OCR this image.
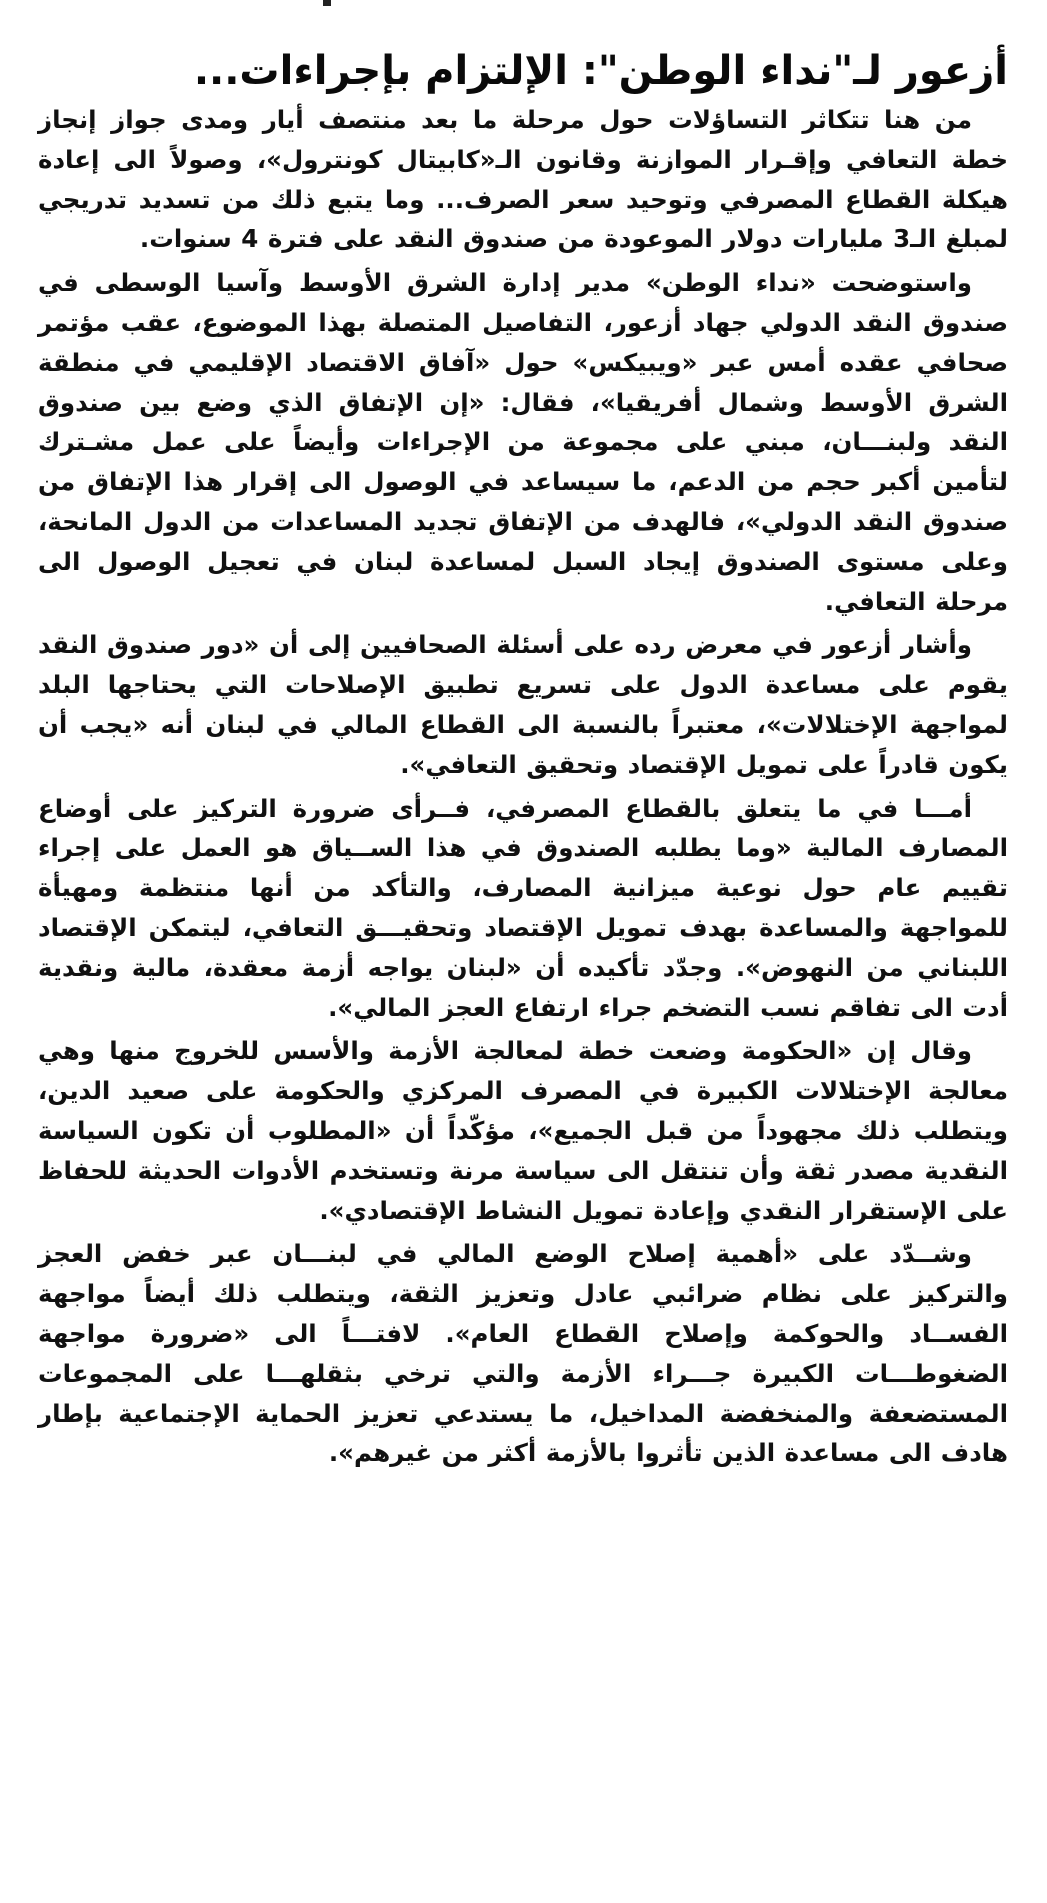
أزعور لـ"نداء الوطن": الإلتزام بإجراءات...

من هنا تتكاثر التساؤلات حول مرحلة ما بعد منتصف أيار ومدى جواز إنجاز خطة التعافي وإقـرار الموازنة وقانون الـ«كابيتال كونترول»، وصولاً الى إعادة هيكلة القطاع المصرفي وتوحيد سعر الصرف... وما يتبع ذلك من تسديد تدريجي لمبلغ الـ3 مليارات دولار الموعودة من صندوق النقد على فترة 4 سنوات.

واستوضحت «نداء الوطن» مدير إدارة الشرق الأوسط وآسيا الوسطى في صندوق النقد الدولي جهاد أزعور، التفاصيل المتصلة بهذا الموضوع، عقب مؤتمر صحافي عقده أمس عبر «ويبيكس» حول «آفاق الاقتصاد الإقليمي في منطقة الشرق الأوسط وشمال أفريقيا»، فقال: «إن الإتفاق الذي وضع بين صندوق النقد ولبنـــان، مبني على مجموعة من الإجراءات وأيضاً على عمل مشـترك لتأمين أكبر حجم من الدعم، ما سيساعد في الوصول الى إقرار هذا الإتفاق من صندوق النقد الدولي»، فالهدف من الإتفاق تجديد المساعدات من الدول المانحة، وعلى مستوى الصندوق إيجاد السبل لمساعدة لبنان في تعجيل الوصول الى مرحلة التعافي.

وأشار أزعور في معرض رده على أسئلة الصحافيين إلى أن «دور صندوق النقد يقوم على مساعدة الدول على تسريع تطبيق الإصلاحات التي يحتاجها البلد لمواجهة الإختلالات»، معتبراً بالنسبة الى القطاع المالي في لبنان أنه «يجب أن يكون قادراً على تمويل الإقتصاد وتحقيق التعافي».

أمـــا في ما يتعلق بالقطاع المصرفي، فــرأى ضرورة التركيز على أوضاع المصارف المالية «وما يطلبه الصندوق في هذا الســياق هو العمل على إجراء تقييم عام حول نوعية ميزانية المصارف، والتأكد من أنها منتظمة ومهيأة للمواجهة والمساعدة بهدف تمويل الإقتصاد وتحقيـــق التعافي، ليتمكن الإقتصاد اللبناني من النهوض». وجدّد تأكيده أن «لبنان يواجه أزمة معقدة، مالية ونقدية أدت الى تفاقم نسب التضخم جراء ارتفاع العجز المالي».

وقال إن «الحكومة وضعت خطة لمعالجة الأزمة والأسس للخروج منها وهي معالجة الإختلالات الكبيرة في المصرف المركزي والحكومة على صعيد الدين، ويتطلب ذلك مجهوداً من قبل الجميع»، مؤكّداً أن «المطلوب أن تكون السياسة النقدية مصدر ثقة وأن تنتقل الى سياسة مرنة وتستخدم الأدوات الحديثة للحفاظ على الإستقرار النقدي وإعادة تمويل النشاط الإقتصادي».

وشــدّد على «أهمية إصلاح الوضع المالي في لبنـــان عبر خفض العجز والتركيز على نظام ضرائبي عادل وتعزيز الثقة، ويتطلب ذلك أيضاً مواجهة الفســاد والحوكمة وإصلاح القطاع العام». لافتـــاً الى «ضرورة مواجهة الضغوطـــات الكبيرة جـــراء الأزمة والتي ترخي بثقلهـــا على المجموعات المستضعفة والمنخفضة المداخيل، ما يستدعي تعزيز الحماية الإجتماعية بإطار هادف الى مساعدة الذين تأثروا بالأزمة أكثر من غيرهم».
